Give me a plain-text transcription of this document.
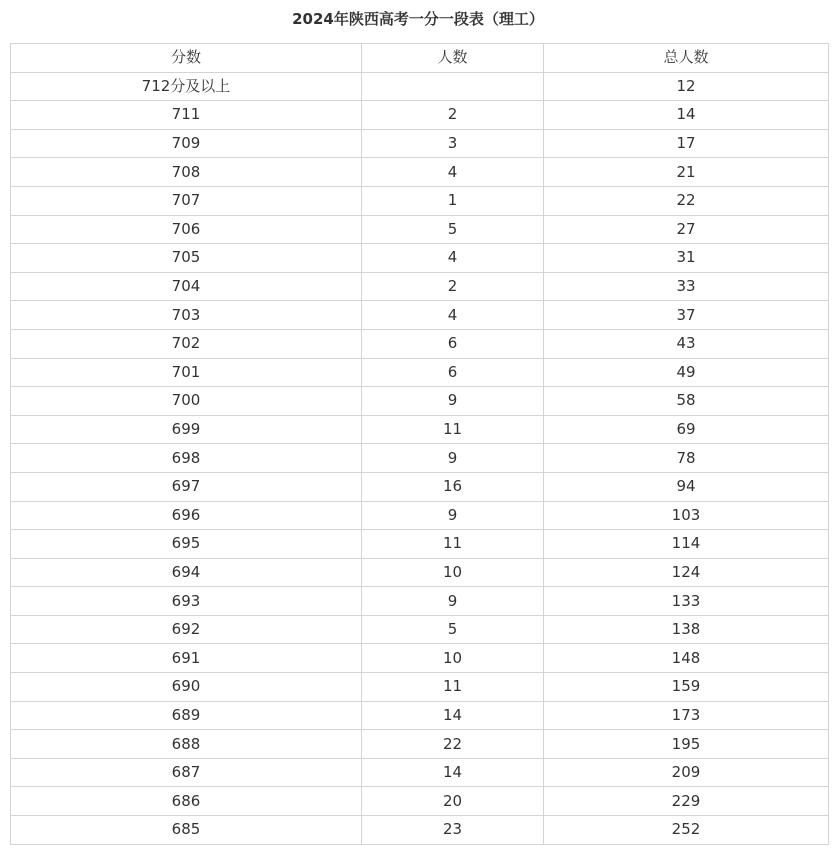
2024年陕西高考一分一段表（理工）
分数	人数	总人数
712分及以上		12
711	2	14
709	3	17
708	4	21
707	1	22
706	5	27
705	4	31
704	2	33
703	4	37
702	6	43
701	6	49
700	9	58
699	11	69
698	9	78
697	16	94
696	9	103
695	11	114
694	10	124
693	9	133
692	5	138
691	10	148
690	11	159
689	14	173
688	22	195
687	14	209
686	20	229
685	23	252
